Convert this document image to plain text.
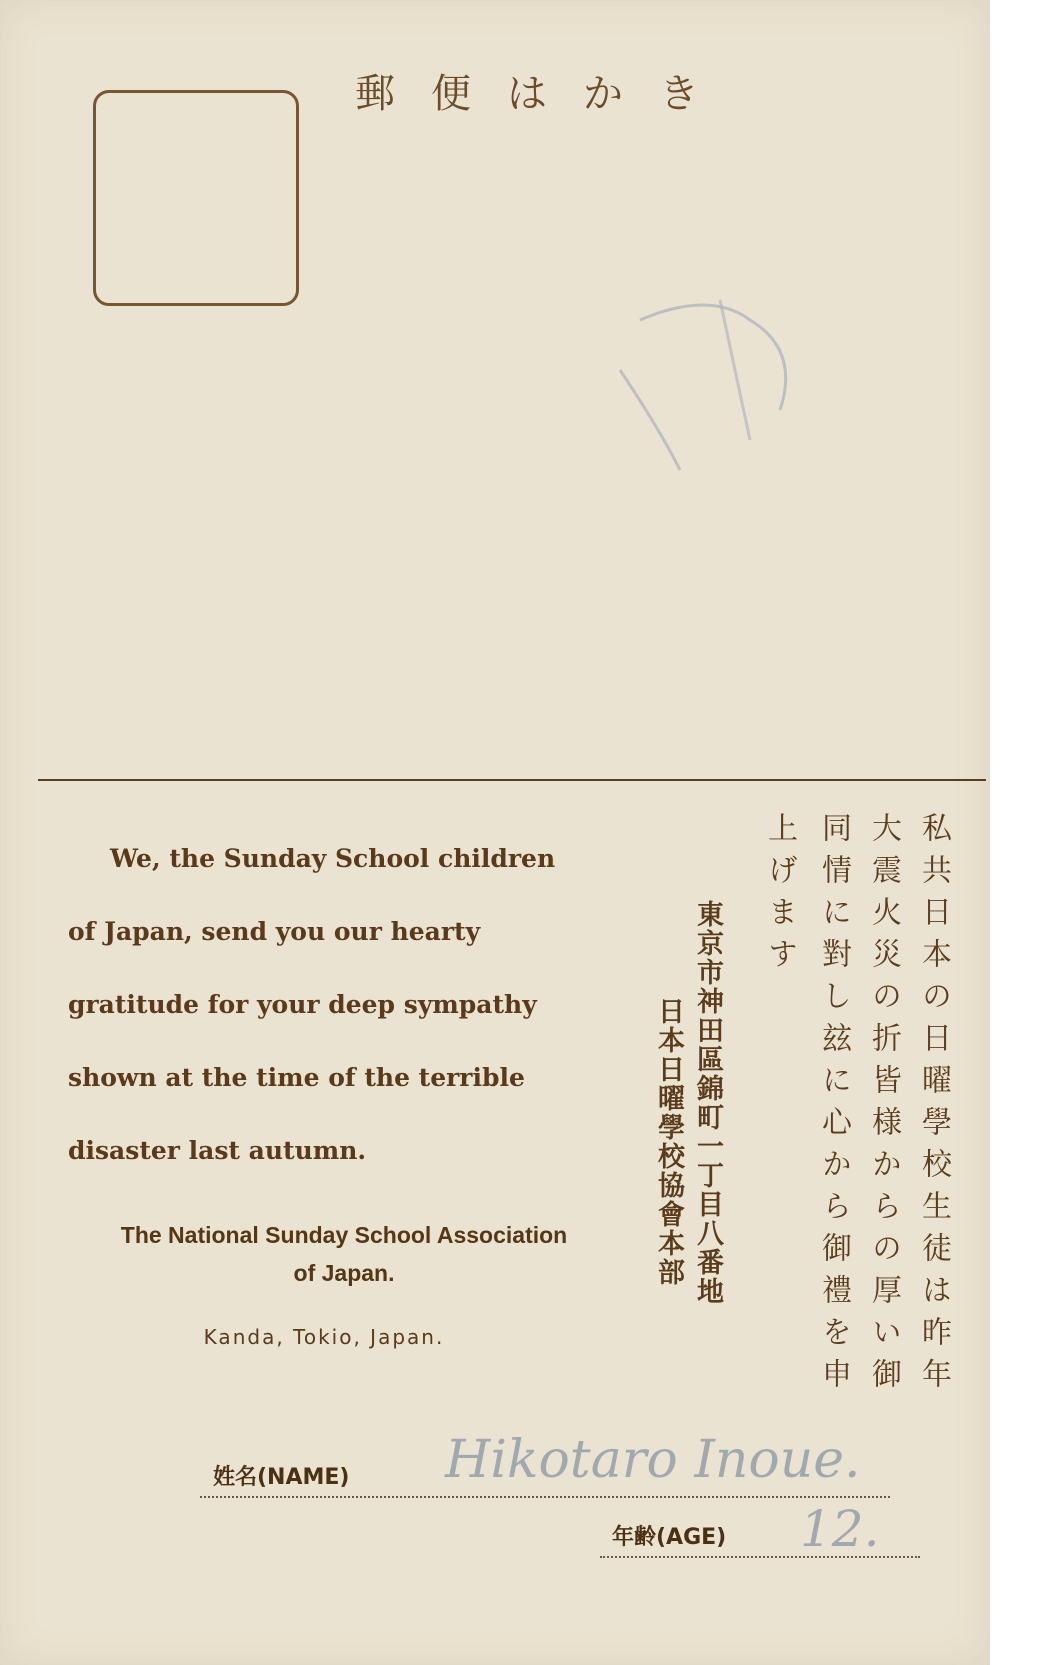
郵便はかき

We, the Sunday School children

of Japan, send you our hearty

gratitude for your deep sympathy

shown at the time of the terrible

disaster last autumn.

The National Sunday School Association
of Japan.
Kanda, Tokio, Japan.	私共日本の日曜學校生徒は昨年
大震火災の折皆様からの厚い御
同情に對し玆に心から御禮を申
上げます
東京市神田區錦町一丁目八番地
日本日曜學校協會本部
姓名(NAME) Hikotaro Inoue.
年齢(AGE) 12.
